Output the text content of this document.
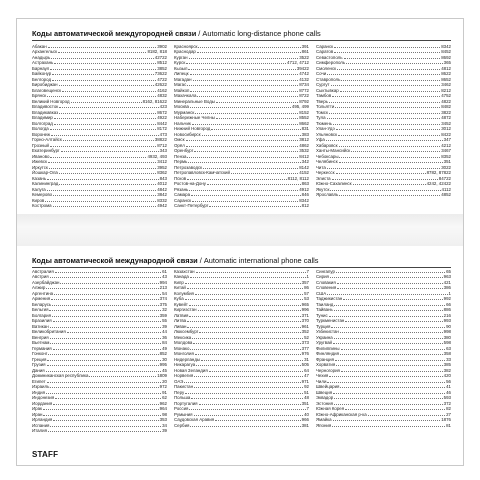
Коды автоматической междугородней связи / Automatic long-distance phone calls
Абакан	3902
Архангельск	8182, 818
Анадырь	42722
Астрахань	8512
Барнаул	3852
Байконур	73622
Белгород	4722
Биробиджан	42622
Благовещенск	4162
Брянск	4832
Великий Новгород	8162, 81622
Владивосток	423
Владикавказ	8672
Владимир	4922
Волгоград	8442
Вологда	8172
Воронеж	473
Горно-Алтайск	38822
Грозный	8712
Екатеринбург	343
Иваново	4932, 493
Ижевск	3412
Иркутск	3952
Йошкар-Ола	8362
Казань	843
Калининград	4012
Калуга	4842
Кемерово	3842
Киров	8332
Кострома	4942
Красноярск	391
Краснодар	861
Курган	3522
Курск	4712, 4712
Кызыл	39422
Липецк	4742
Магадан	4132
Магас	8734
Майкоп	8772
Махачкала	8722
Минеральные Воды	8792
Москва	495, 499
Мурманск	8152
Набережные Челны	8552
Нальчик	8662
Нижний Новгород	831
Новосибирск	383
Омск	3812
Орёл	4862
Оренбург	3532
Пенза	8412
Пермь	342
Петрозаводск	8142
Петропавловск-Камчатский	4152
Псков	8112, 8112
Ростов-на-Дону	863
Рязань	4912
Самара	846
Саранск	8342
Санкт-Петербург	812
Саранск	8342
Саратов	8452
Севастополь	8692
Симферополь	365
Смоленск	4812
Сочи	8622
Ставрополь	8652
Сургут	3462
Сыктывкар	8212
Тамбов	4752
Тверь	4822
Тольятти	8482
Томск	3822
Тула	4872
Тюмень	3452
Улан-Удэ	3012
Ульяновск	8422
Уфа	347
Хабаровск	4212
Ханты-Мансийск	3467
Чебоксары	8352
Челябинск	351
Чита	3022
Черкесск	8782, 87822
Элиста	84722
Южно-Сахалинск	4242, 42422
Якутск	4112
Ярославль	4852
Коды автоматической международной связи / Automatic international phone calls
Австралия	61
Австрия	43
Азербайджан	994
Алжир	213
Аргентина	54
Армения	374
Беларусь	375
Бельгия	32
Болгария	359
Бразилия	55
Ватикан	39
Великобритания	44
Венгрия	36
Вьетнам	84
Германия	49
Гонконг	852
Греция	30
Грузия	995
Дания	45
Доминиканская республика	1809
Египет	20
Израиль	972
Индия	91
Индонезия	62
Иордания	962
Ирак	964
Иран	98
Ирландия	353
Испания	34
Италия	39
Казахстан	7
Канада	1
Кипр	357
Китай	86
Колумбия	57
Куба	53
Кувейт	965
Киргизстан	996
Латвия	371
Литва	370
Ливан	961
Люксембург	352
Мексика	52
Молдова	373
Монако	377
Монголия	976
Нидерланды	31
Никарагуа	505
Новая Зеландия	64
Норвегия	47
ОАЭ	971
Пакистан	92
Перу	51
Польша	48
Португалия	351
Россия	7
Румыния	40
Саудовская Аравия	966
Сербия	381
Сингапур	65
Сирия	963
Словакия	421
Словения	386
США	1
Таджикистан	992
Таиланд	66
Тайвань	886
Тунис	216
Туркменистан	993
Турция	90
Узбекистан	998
Украина	380
Уругвай	598
Филиппины	63
Финляндия	358
Франция	33
Хорватия	385
Черногория	382
Чехия	420
Чили	56
Швейцария	41
Швеция	46
Эквадор	593
Эстония	372
Южная Корея	82
Южно-Африканская р-ка	27
Ямайка	1876
Япония	81
STAFF
